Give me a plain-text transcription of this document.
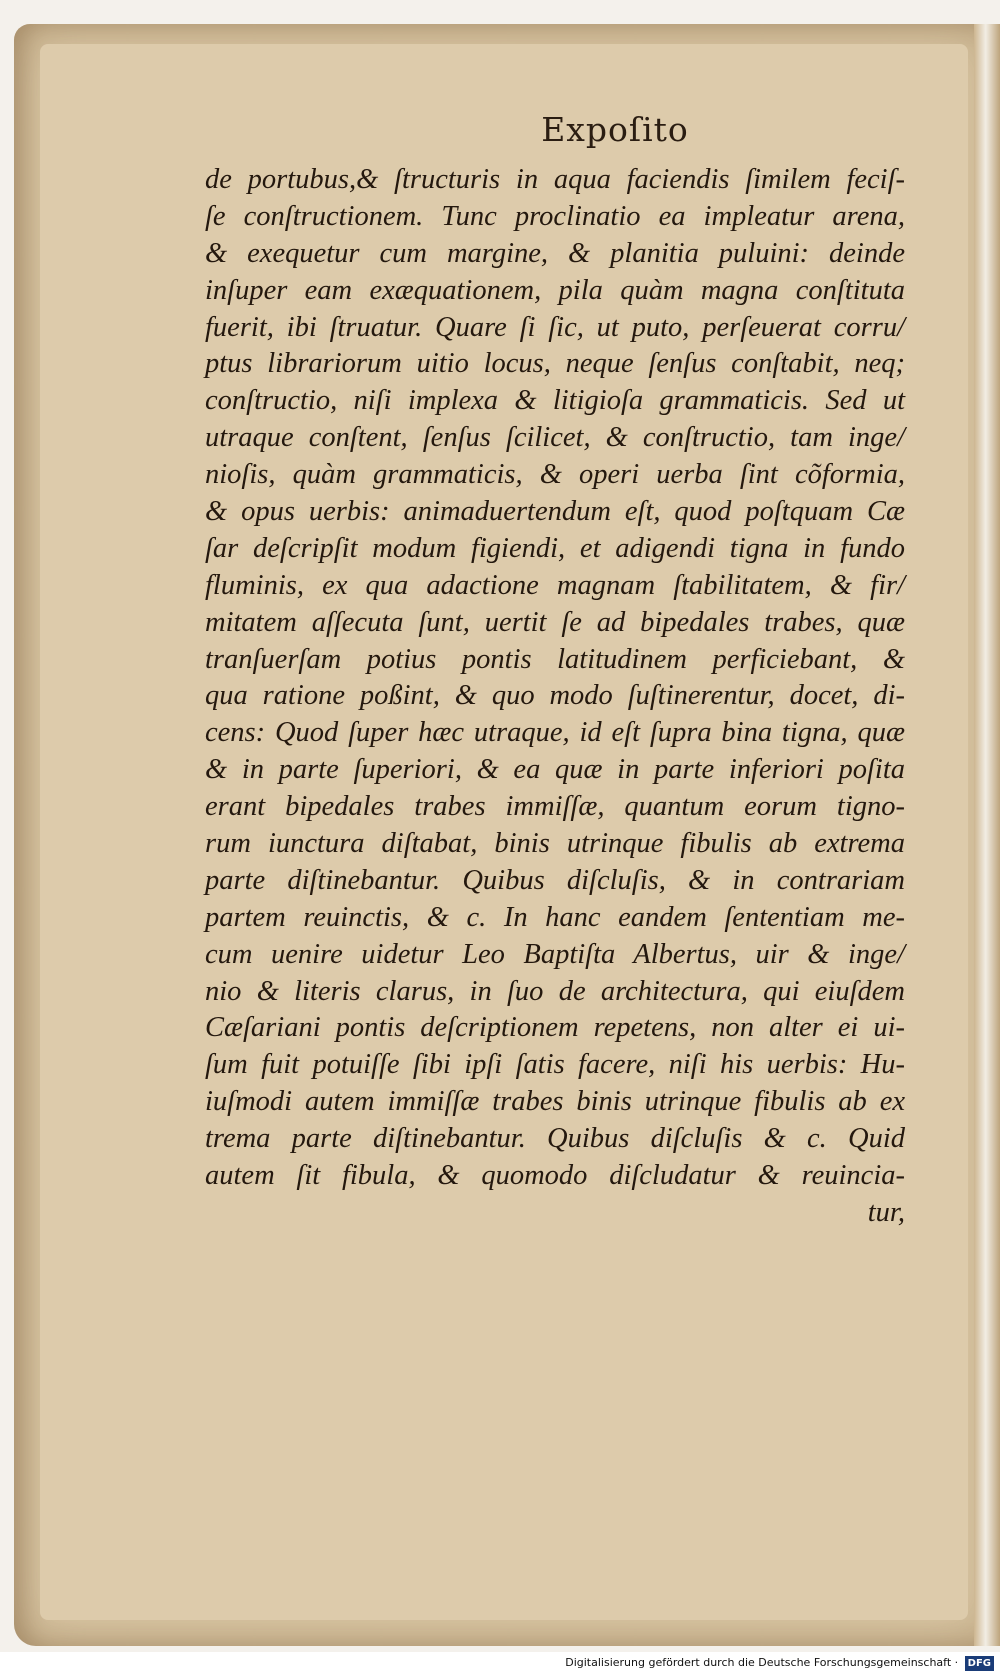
Expoſito
de portubus,& ſtructuris in aqua faciendis ſimilem feciſ-
ſe conſtructionem. Tunc proclinatio ea impleatur arena,
& exequetur cum margine, & planitia puluini: deinde
inſuper eam exæquationem, pila quàm magna conſtituta
fuerit, ibi ſtruatur. Quare ſi ſic, ut puto, perſeuerat corru/
ptus librariorum uitio locus, neque ſenſus conſtabit, neq;
conſtructio, niſi implexa & litigioſa grammaticis. Sed ut
utraque conſtent, ſenſus ſcilicet, & conſtructio, tam inge/
nioſis, quàm grammaticis, & operi uerba ſint cõformia,
& opus uerbis: animaduertendum eſt, quod poſtquam Cæ
ſar deſcripſit modum figiendi, et adigendi tigna in fundo
fluminis, ex qua adactione magnam ſtabilitatem, & fir/
mitatem aſſecuta ſunt, uertit ſe ad bipedales trabes, quæ
tranſuerſam potius pontis latitudinem perficiebant, &
qua ratione poßint, & quo modo ſuſtinerentur, docet, di-
cens: Quod ſuper hæc utraque, id eſt ſupra bina tigna, quæ
& in parte ſuperiori, & ea quæ in parte inferiori poſita
erant bipedales trabes immiſſæ, quantum eorum tigno-
rum iunctura diſtabat, binis utrinque fibulis ab extrema
parte diſtinebantur. Quibus diſcluſis, & in contrariam
partem reuinctis, & c. In hanc eandem ſententiam me-
cum uenire uidetur Leo Baptiſta Albertus, uir & inge/
nio & literis clarus, in ſuo de architectura, qui eiuſdem
Cæſariani pontis deſcriptionem repetens, non alter ei ui-
ſum fuit potuiſſe ſibi ipſi ſatis facere, niſi his uerbis: Hu-
iuſmodi autem immiſſæ trabes binis utrinque fibulis ab ex
trema parte diſtinebantur. Quibus diſcluſis & c. Quid
autem ſit fibula, & quomodo diſcludatur & reuincia-
tur,
Digitalisierung gefördert durch die Deutsche Forschungsgemeinschaft · DFG
